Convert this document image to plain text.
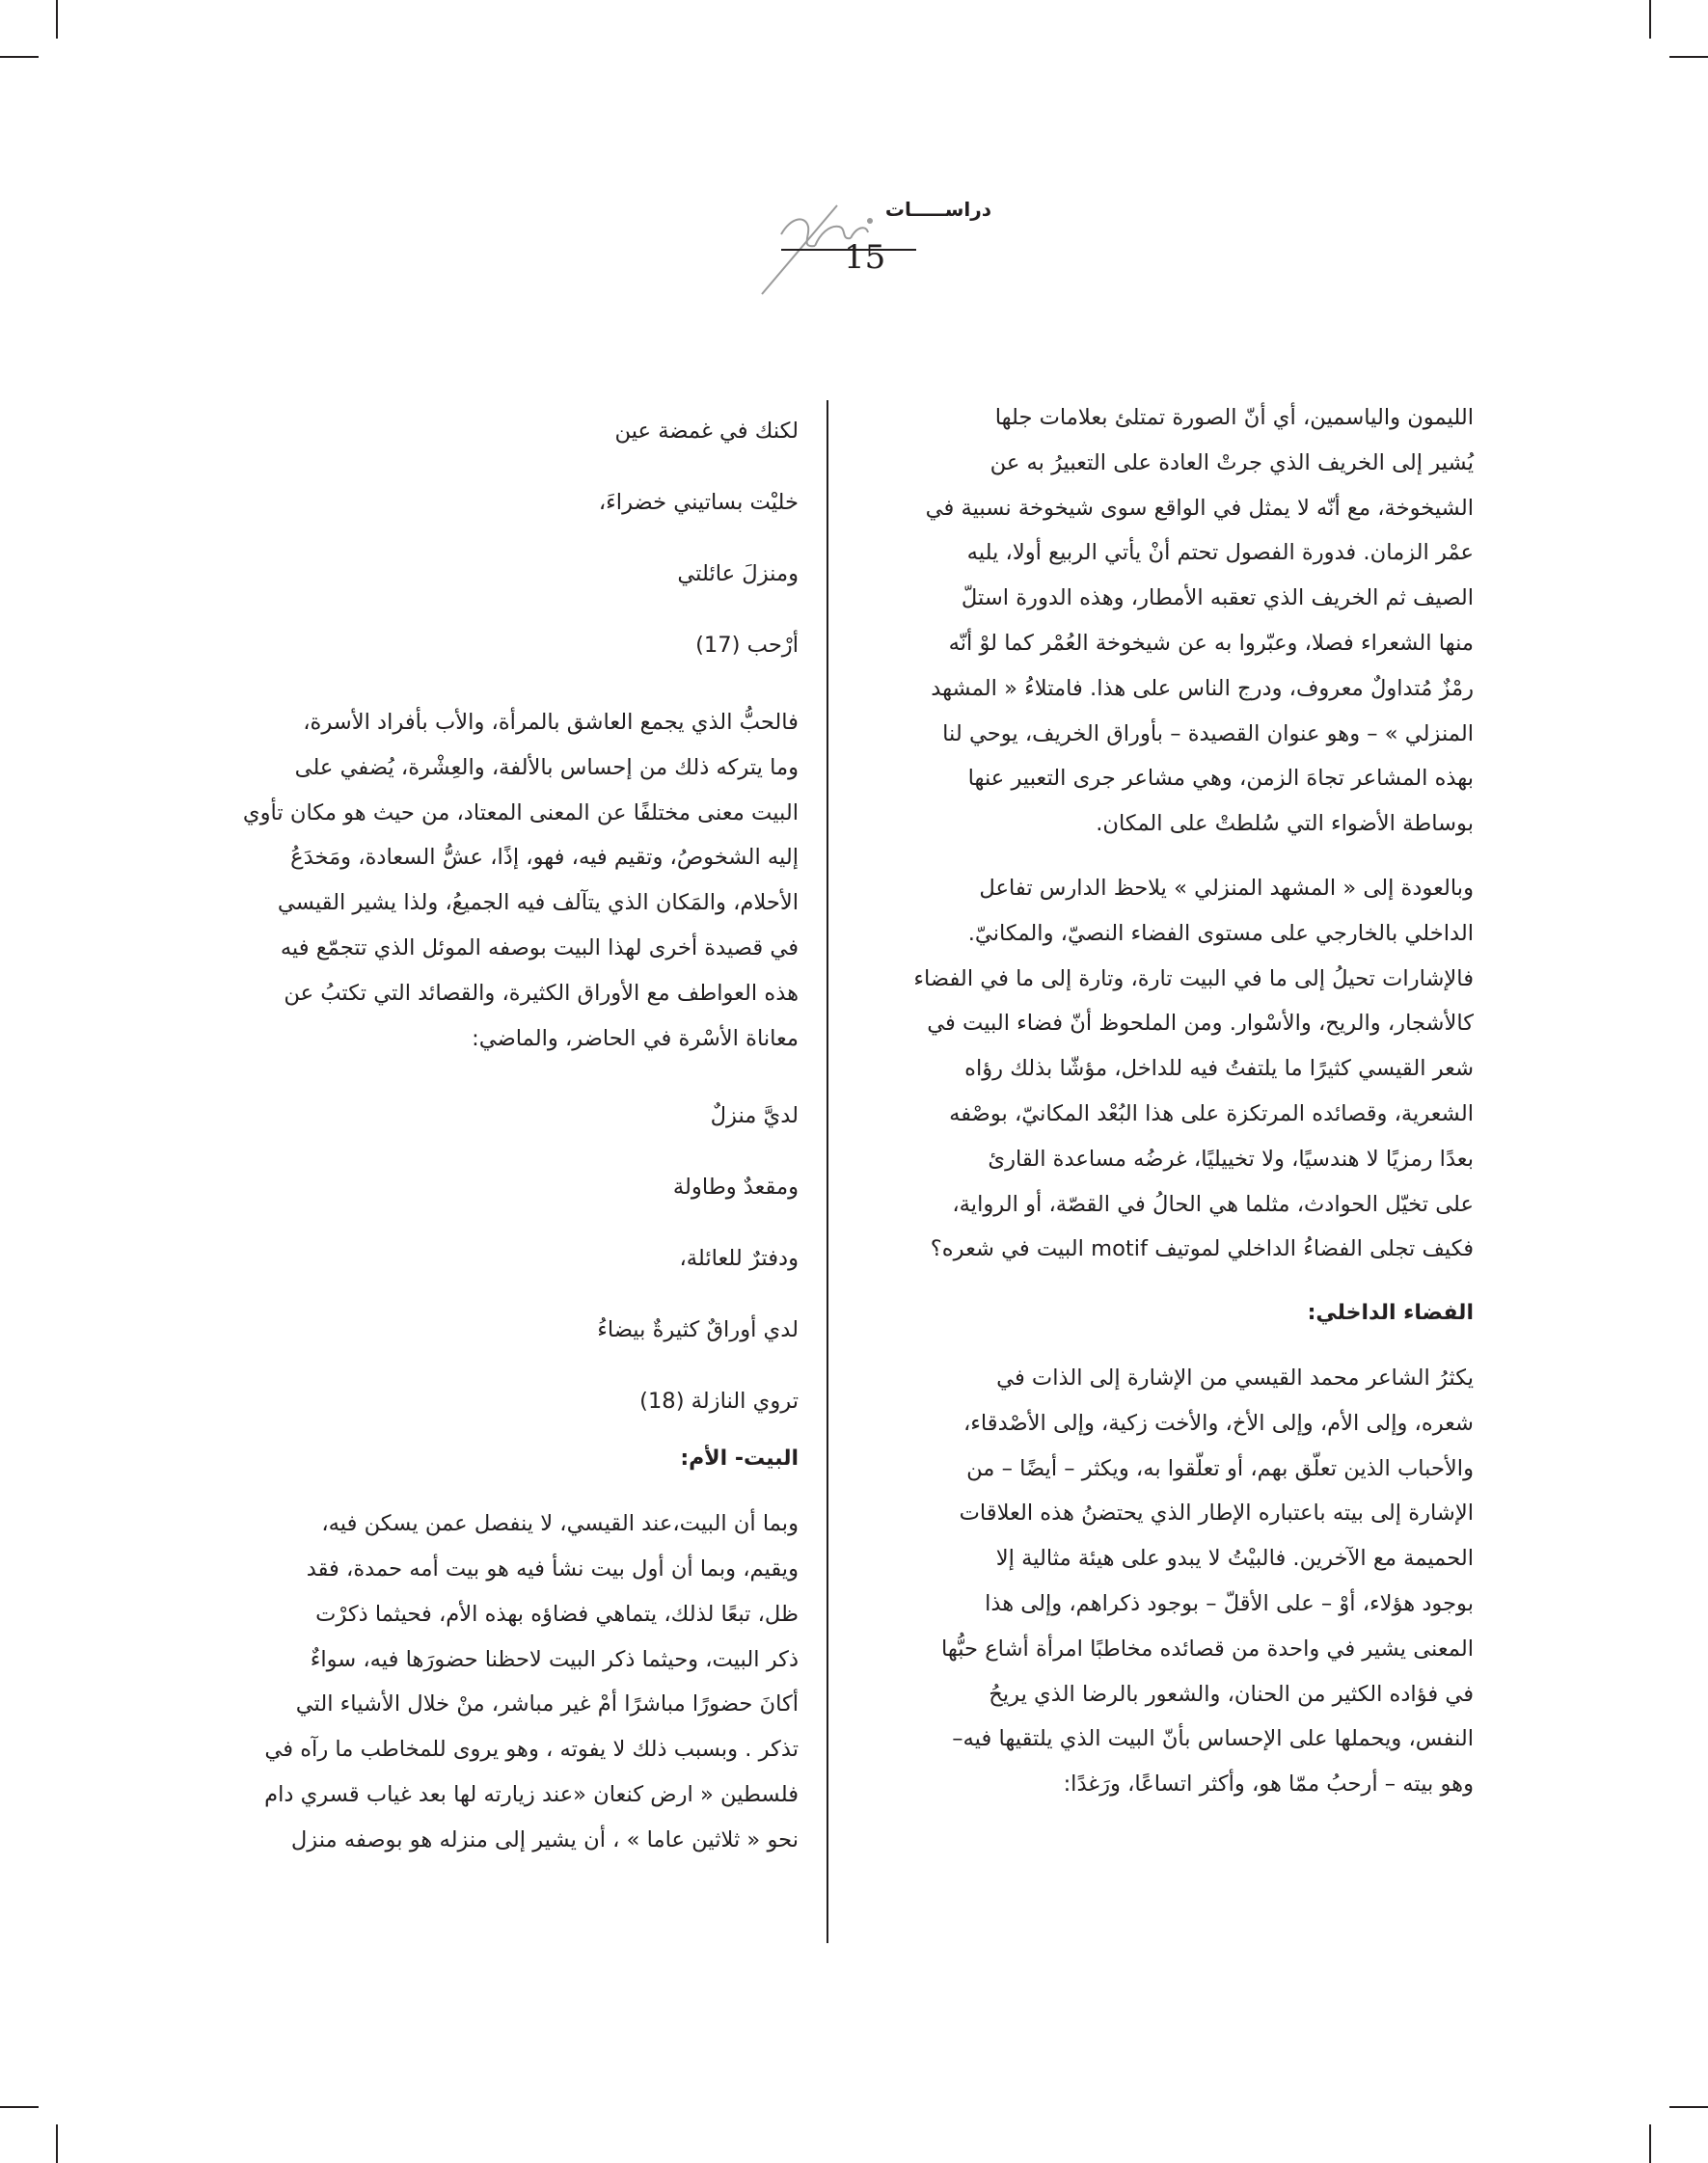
دراســـــات
15

الليمون والياسمين، أي أنّ الصورة تمتلئ بعلامات جلها

يُشير إلى الخريف الذي جرتْ العادة على التعبيرُ به عن

الشيخوخة، مع أنّه لا يمثل في الواقع سوى شيخوخة نسبية في

عمْر الزمان. فدورة الفصول تحتم أنْ يأتي الربيع أولا، يليه

الصيف ثم الخريف الذي تعقبه الأمطار، وهذه الدورة استلّ

منها الشعراء فصلا، وعبّروا به عن شيخوخة العُمْر كما لوْ أنّه

رمْزٌ مُتداولٌ معروف، ودرج الناس على هذا. فامتلاءُ « المشهد

المنزلي » – وهو عنوان القصيدة – بأوراق الخريف، يوحي لنا

بهذه المشاعر تجاهَ الزمن، وهي مشاعر جرى التعبير عنها

بوساطة الأضواء التي سُلطتْ على المكان.

وبالعودة إلى « المشهد المنزلي » يلاحظ الدارس تفاعل

الداخلي بالخارجي على مستوى الفضاء النصيّ، والمكانيّ.

فالإشارات تحيلُ إلى ما في البيت تارة، وتارة إلى ما في الفضاء

كالأشجار، والريح، والأسْوار. ومن الملحوظ أنّ فضاء البيت في

شعر القيسي كثيرًا ما يلتفتُ فيه للداخل، مؤشّا بذلك رؤاه

الشعرية، وقصائده المرتكزة على هذا البُعْد المكانيّ، بوصْفه

بعدًا رمزيًا لا هندسيًا، ولا تخييليًا، غرضُه مساعدة القارئ

على تخيّل الحوادث، مثلما هي الحالُ في القصّة، أو الرواية،

فكيف تجلى الفضاءُ الداخلي لموتيف motif البيت في شعره؟

الفضاء الداخلي:

يكثرُ الشاعر محمد القيسي من الإشارة إلى الذات في

شعره، وإلى الأم، وإلى الأخ، والأخت زكية، وإلى الأصْدقاء،

والأحباب الذين تعلّق بهم، أو تعلّقوا به، ويكثر – أيضًا – من

الإشارة إلى بيته باعتباره الإطار الذي يحتضنُ هذه العلاقات

الحميمة مع الآخرين. فالبيْتُ لا يبدو على هيئة مثالية إلا

بوجود هؤلاء، أوْ – على الأقلّ – بوجود ذكراهم، وإلى هذا

المعنى يشير في واحدة من قصائده مخاطبًا امرأة أشاع حبُّها

في فؤاده الكثير من الحنان، والشعور بالرضا الذي يريحُ

النفس، ويحملها على الإحساس بأنّ البيت الذي يلتقيها فيه–

وهو بيته – أرحبُ ممّا هو، وأكثر اتساعًا، ورَغدًا:

لكنك في غمضة عين

خليْت بساتيني خضراءَ،

ومنزلَ عائلتي

أرْحب (17)

فالحبُّ الذي يجمع العاشق بالمرأة، والأب بأفراد الأسرة،

وما يتركه ذلك من إحساس بالألفة، والعِشْرة، يُضفي على

البيت معنى مختلفًا عن المعنى المعتاد، من حيث هو مكان تأوي

إليه الشخوصُ، وتقيم فيه، فهو، إذًا، عشُّ السعادة، ومَخدَعُ

الأحلام، والمَكان الذي يتآلف فيه الجميعُ، ولذا يشير القيسي

في قصيدة أخرى لهذا البيت بوصفه الموئل الذي تتجمّع فيه

هذه العواطف مع الأوراق الكثيرة، والقصائد التي تكتبُ عن

معاناة الأسْرة في الحاضر، والماضي:

لديَّ منزلٌ

ومقعدٌ وطاولة

ودفترٌ للعائلة،

لدي أوراقٌ كثيرةٌ بيضاءُ

تروي النازلة (18)

البيت- الأم:

وبما أن البيت،عند القيسي، لا ينفصل عمن يسكن فيه،

ويقيم، وبما أن أول بيت نشأ فيه هو بيت أمه حمدة، فقد

ظل، تبعًا لذلك، يتماهي فضاؤه بهذه الأم، فحيثما ذكرْت

ذكر البيت، وحيثما ذكر البيت لاحظنا حضورَها فيه، سواءٌ

أكانَ حضورًا مباشرًا أمْ غير مباشر، منْ خلال الأشياء التي

تذكر . وبسبب ذلك لا يفوته ، وهو يروى للمخاطب ما رآه في

فلسطين « ارض كنعان «عند زيارته لها بعد غياب قسري دام

نحو « ثلاثين عاما » ، أن يشير إلى منزله هو بوصفه منزل
